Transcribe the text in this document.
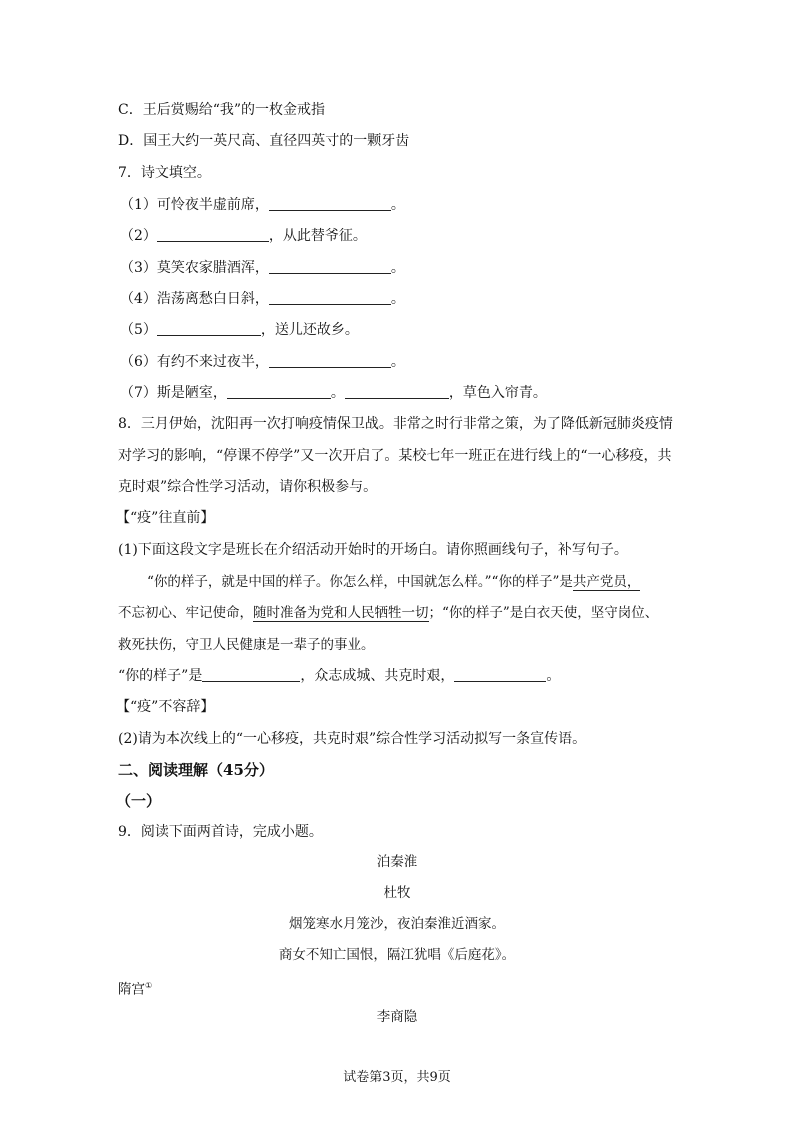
C．王后赏赐给“我”的一枚金戒指
D．国王大约一英尺高、直径四英寸的一颗牙齿
7．诗文填空。
（1）可怜夜半虚前席，	。
（2）	，从此替爷征。
（3）莫笑农家腊酒浑，	。
（4）浩荡离愁白日斜，	。
（5）	，送儿还故乡。
（6）有约不来过夜半，	。
（7）斯是陋室，	。	，草色入帘青。
8．三月伊始，沈阳再一次打响疫情保卫战。非常之时行非常之策，为了降低新冠肺炎疫情
对学习的影响，“停课不停学”又一次开启了。某校七年一班正在进行线上的“一心移疫，共
克时艰”综合性学习活动，请你积极参与。
【“疫”往直前】
(1)下面这段文字是班长在介绍活动开始时的开场白。请你照画线句子，补写句子。
“你的样子，就是中国的样子。你怎么样，中国就怎么样。”“你的样子”是共产党员，
不忘初心、牢记使命，随时准备为党和人民牺牲一切；“你的样子”是白衣天使，坚守岗位、
救死扶伤，守卫人民健康是一辈子的事业。
“你的样子”是	，众志成城、共克时艰，	。
【“疫”不容辞】
(2)请为本次线上的“一心移疫，共克时艰”综合性学习活动拟写一条宣传语。
二、阅读理解（45分）
（一）
9．阅读下面两首诗，完成小题。
泊秦淮
杜牧
烟笼寒水月笼沙，夜泊秦淮近酒家。
商女不知亡国恨，隔江犹唱《后庭花》。
隋宫①
李商隐
试卷第3页，共9页
